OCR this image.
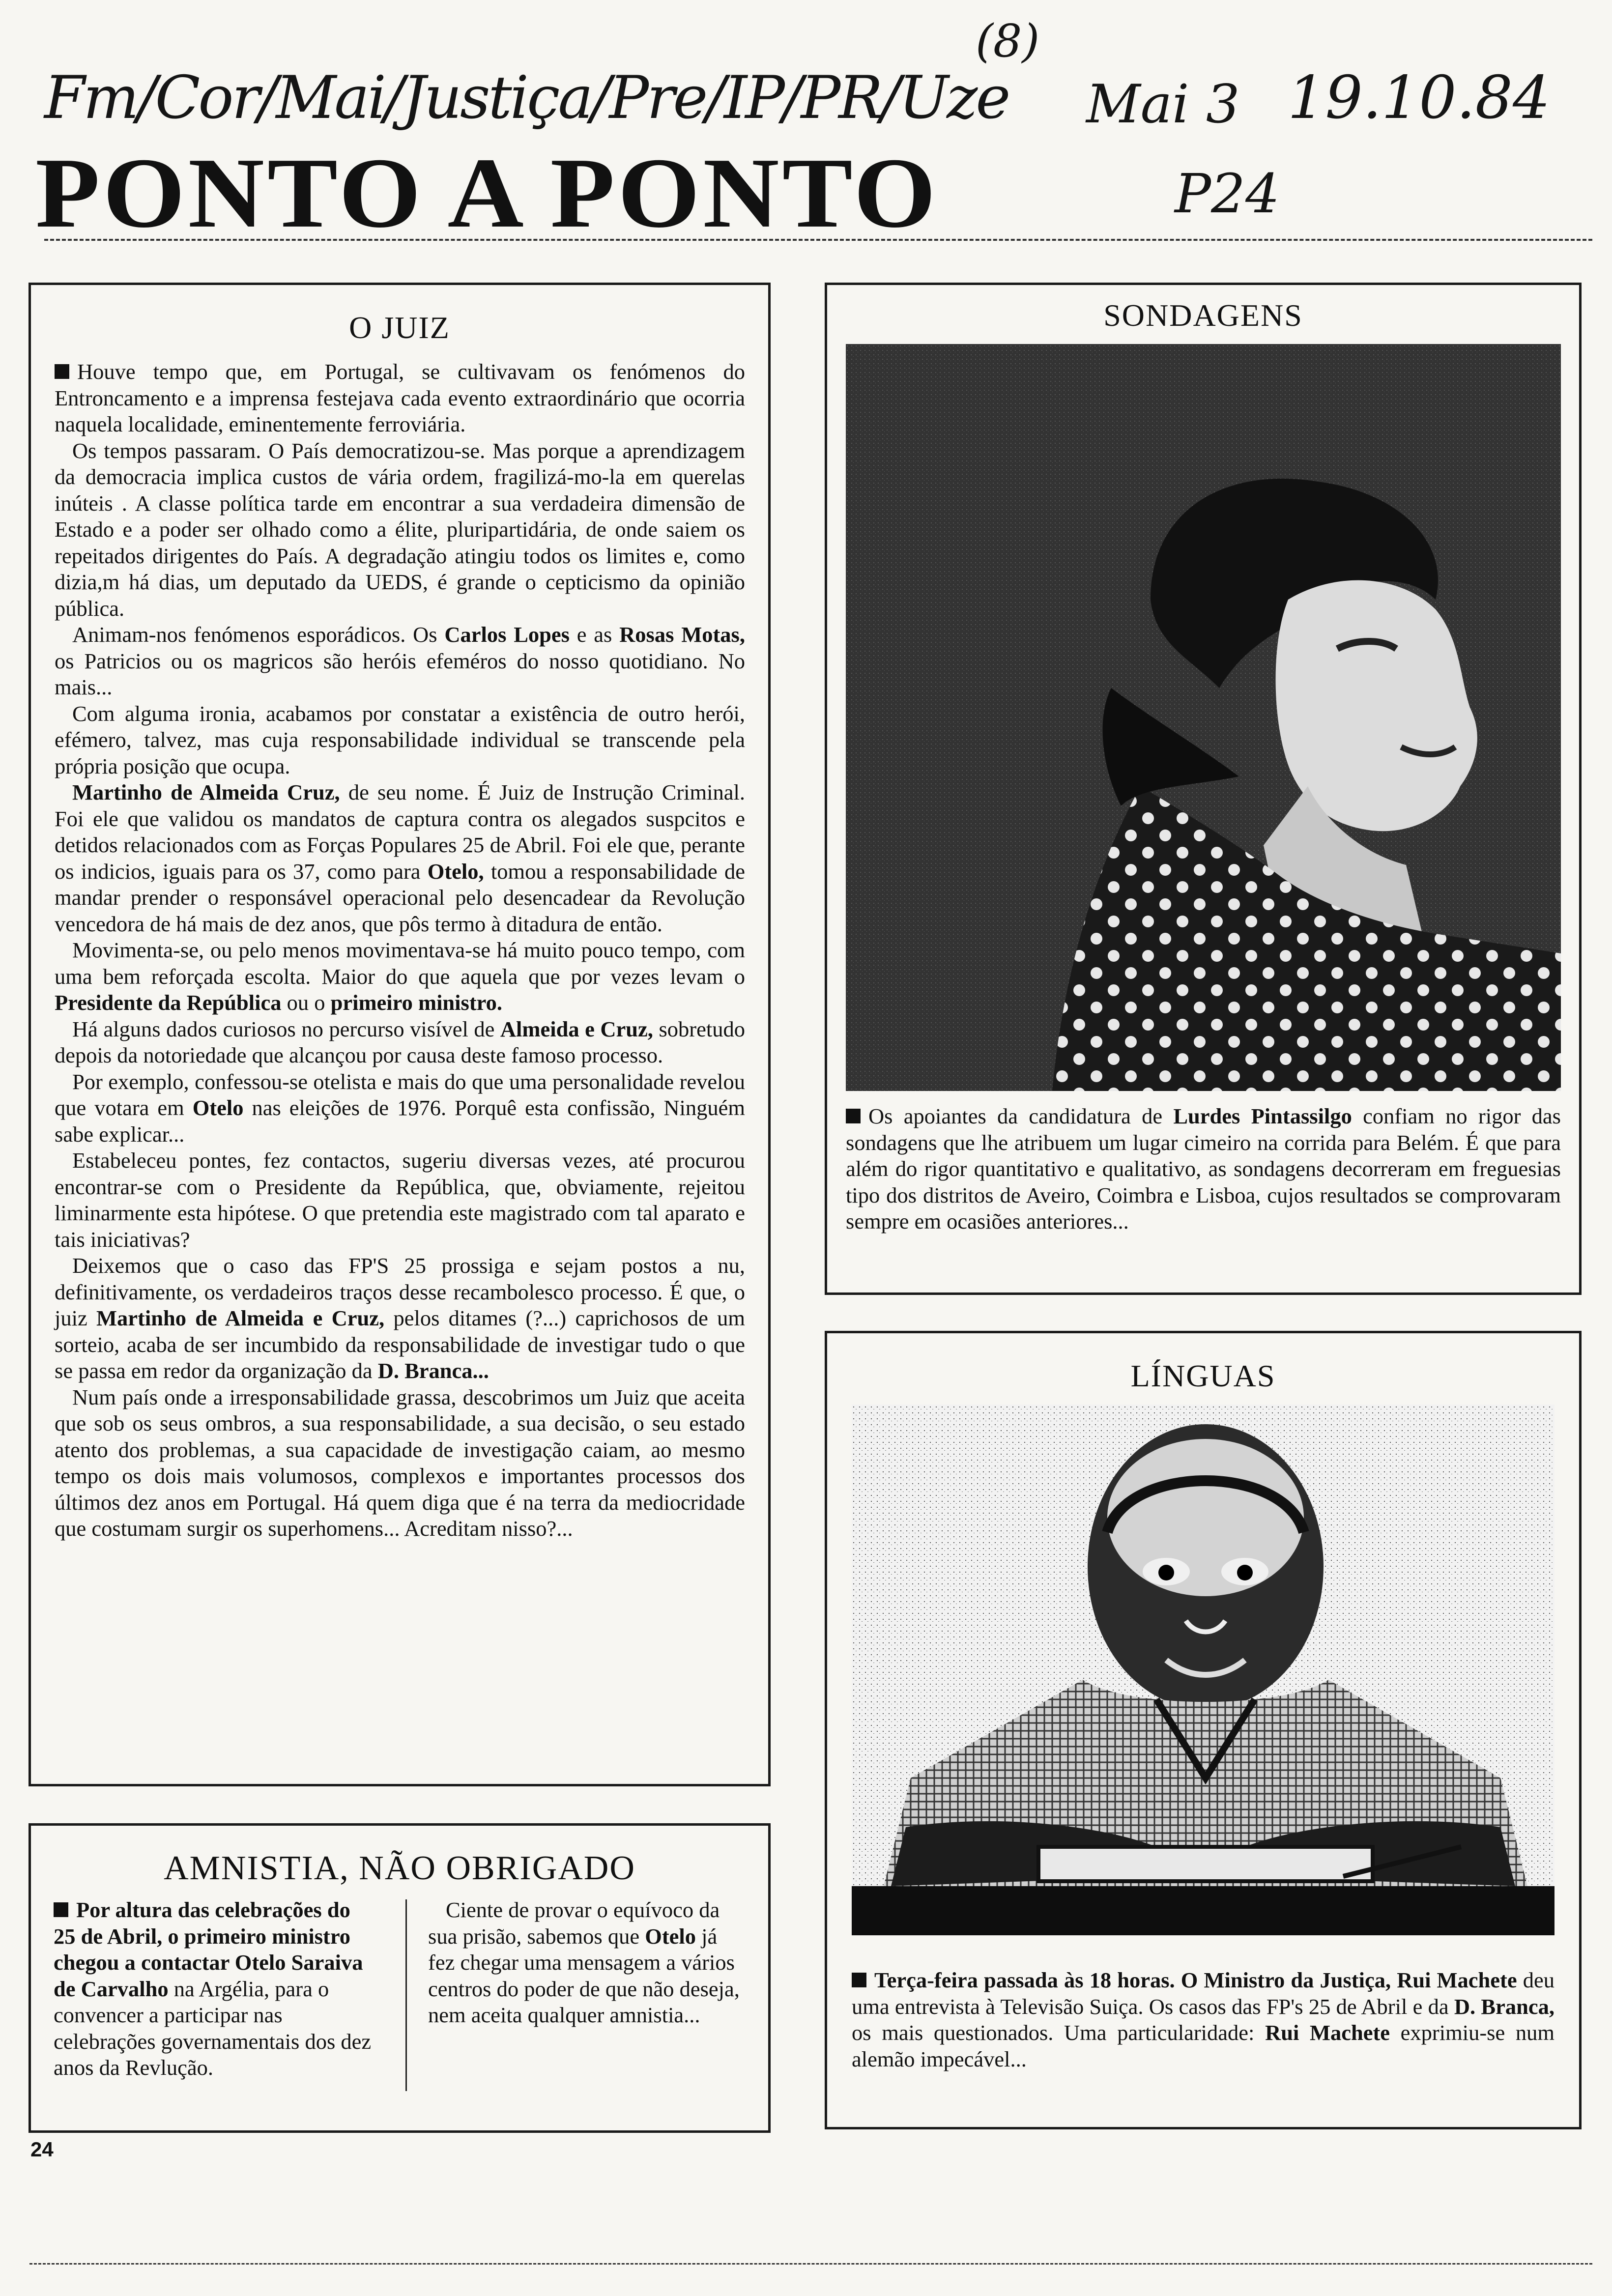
(8)
Fm/Cor/Mai/Justiça/Pre/IP/PR/Uze Mai 3 19.10.84
P24
PONTO A PONTO
O JUIZ

Houve tempo que, em Portugal, se cultivavam os fenómenos do Entroncamento e a imprensa festejava cada evento extraordinário que ocorria naquela localidade, eminentemente ferroviária.

Os tempos passaram. O País democratizou-se. Mas porque a aprendizagem da democracia implica custos de vária ordem, fragilizá-mo-la em querelas inúteis . A classe política tarde em encontrar a sua verdadeira dimensão de Estado e a poder ser olhado como a élite, pluripartidária, de onde saiem os repeitados dirigentes do País. A degradação atingiu todos os limites e, como dizia,m há dias, um deputado da UEDS, é grande o cepticismo da opinião pública.

Animam-nos fenómenos esporádicos. Os Carlos Lopes e as Rosas Motas, os Patricios ou os magricos são heróis efeméros do nosso quotidiano. No mais...

Com alguma ironia, acabamos por constatar a existência de outro herói, efémero, talvez, mas cuja responsabilidade individual se transcende pela própria posição que ocupa.

Martinho de Almeida Cruz, de seu nome. É Juiz de Instrução Criminal. Foi ele que validou os mandatos de captura contra os alegados suspcitos e detidos relacionados com as Forças Populares 25 de Abril. Foi ele que, perante os indicios, iguais para os 37, como para Otelo, tomou a responsabilidade de mandar prender o responsável operacional pelo desencadear da Revolução vencedora de há mais de dez anos, que pôs termo à ditadura de então.

Movimenta-se, ou pelo menos movimentava-se há muito pouco tempo, com uma bem reforçada escolta. Maior do que aquela que por vezes levam o Presidente da República ou o primeiro ministro.

Há alguns dados curiosos no percurso visível de Almeida e Cruz, sobretudo depois da notoriedade que alcançou por causa deste famoso processo.

Por exemplo, confessou-se otelista e mais do que uma personalidade revelou que votara em Otelo nas eleições de 1976. Porquê esta confissão, Ninguém sabe explicar...

Estabeleceu pontes, fez contactos, sugeriu diversas vezes, até procurou encontrar-se com o Presidente da República, que, obviamente, rejeitou liminarmente esta hipótese. O que pretendia este magistrado com tal aparato e tais iniciativas?

Deixemos que o caso das FP'S 25 prossiga e sejam postos a nu, definitivamente, os verdadeiros traços desse recambolesco processo. É que, o juiz Martinho de Almeida e Cruz, pelos ditames (?...) caprichosos de um sorteio, acaba de ser incumbido da responsabilidade de investigar tudo o que se passa em redor da organização da D. Branca...

Num país onde a irresponsabilidade grassa, descobrimos um Juiz que aceita que sob os seus ombros, a sua responsabilidade, a sua decisão, o seu estado atento dos problemas, a sua capacidade de investigação caiam, ao mesmo tempo os dois mais volumosos, complexos e importantes processos dos últimos dez anos em Portugal. Há quem diga que é na terra da mediocridade que costumam surgir os superhomens... Acreditam nisso?...

AMNISTIA, NÃO OBRIGADO
Por altura das celebrações do 25 de Abril, o primeiro ministro chegou a contactar Otelo Saraiva de Carvalho na Argélia, para o convencer a participar nas celebrações governamentais dos dez anos da Revlução.
Ciente de provar o equívoco da sua prisão, sabemos que Otelo já fez chegar uma mensagem a vários centros do poder de que não deseja, nem aceita qualquer amnistia...
SONDAGENS
Os apoiantes da candidatura de Lurdes Pintassilgo confiam no rigor das sondagens que lhe atribuem um lugar cimeiro na corrida para Belém. É que para além do rigor quantitativo e qualitativo, as sondagens decorreram em freguesias tipo dos distritos de Aveiro, Coimbra e Lisboa, cujos resultados se comprovaram sempre em ocasiões anteriores...
LÍNGUAS
Terça-feira passada às 18 horas. O Ministro da Justiça, Rui Machete deu uma entrevista à Televisão Suiça. Os casos das FP's 25 de Abril e da D. Branca, os mais questionados. Uma particularidade: Rui Machete exprimiu-se num alemão impecável...
24
